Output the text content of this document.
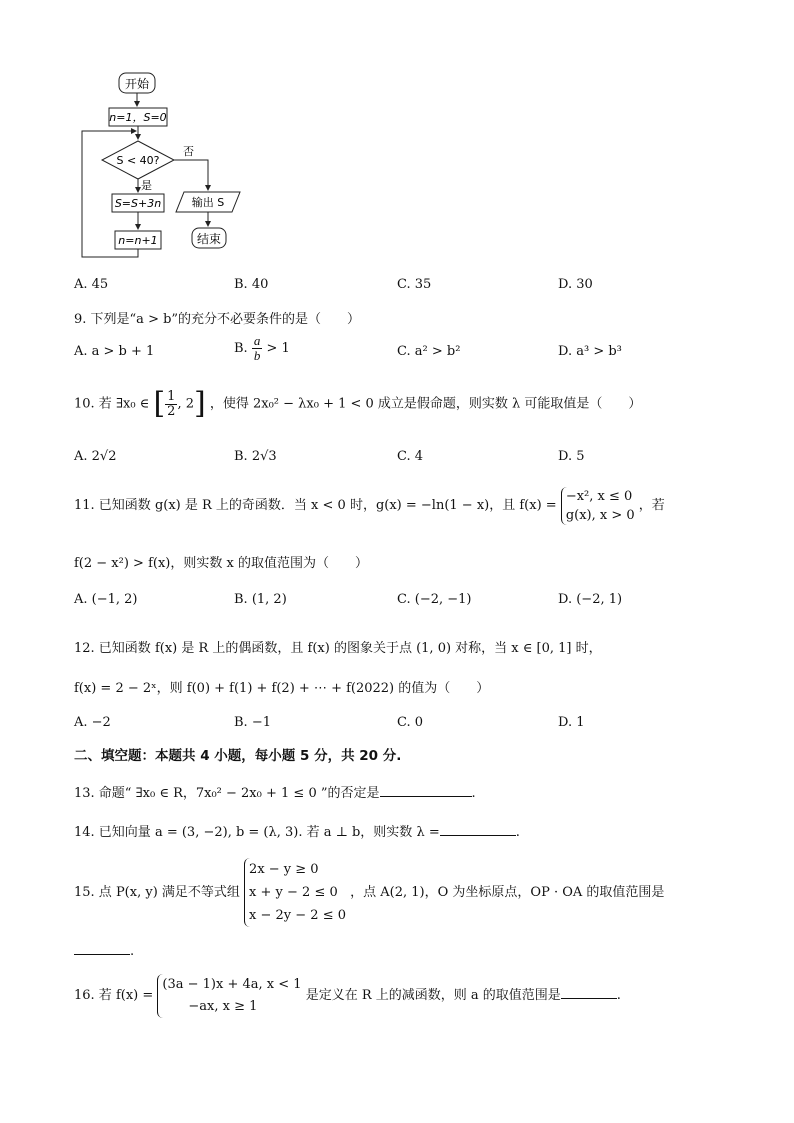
开始
n=1，S=0
S < 40?
否
是
S=S+3n
n=n+1
输出 S
结束
A. 45	B. 40	C. 35	D. 30
9. 下列是“a > b”的充分不必要条件的是（　　）
A. a > b + 1	B. $\frac{a}{b} > 1$	C. a² > b²	D. a³ > b³
10. 若 ∃x₀ ∈ [ $\frac{1}{2}$ , 2] ，使得 2x₀² − λx₀ + 1 < 0 成立是假命题，则实数 λ 可能取值是（　　）
A. 2√2	B. 2√3	C. 4	D. 5
11. 已知函数 g(x) 是 R 上的奇函数．当 x < 0 时，g(x) = −ln(1 − x)，且 f(x) =
−x², x ≤ 0
g(x), x > 0
，若
f(2 − x²) > f(x)，则实数 x 的取值范围为（　　）
A. (−1, 2)	B. (1, 2)	C. (−2, −1)	D. (−2, 1)
12. 已知函数 f(x) 是 R 上的偶函数，且 f(x) 的图象关于点 (1, 0) 对称，当 x ∈ [0, 1] 时，
f(x) = 2 − 2ˣ，则 f(0) + f(1) + f(2) + ⋯ + f(2022) 的值为（　　）
A. −2	B. −1	C. 0	D. 1
二、填空题：本题共 4 小题，每小题 5 分，共 20 分.
13. 命题“ ∃x₀ ∈ R，7x₀² − 2x₀ + 1 ≤ 0 ”的否定是	.
14. 已知向量 a = (3, −2), b = (λ, 3). 若 a ⊥ b，则实数 λ =	.
15. 点 P(x, y) 满足不等式组
2x − y ≥ 0
x + y − 2 ≤ 0
x − 2y − 2 ≤ 0
，点 A(2, 1)，O 为坐标原点，OP · OA 的取值范围是
.
16. 若 f(x) =
(3a − 1)x + 4a, x < 1
−ax, x ≥ 1
是定义在 R 上的减函数，则 a 的取值范围是	.
